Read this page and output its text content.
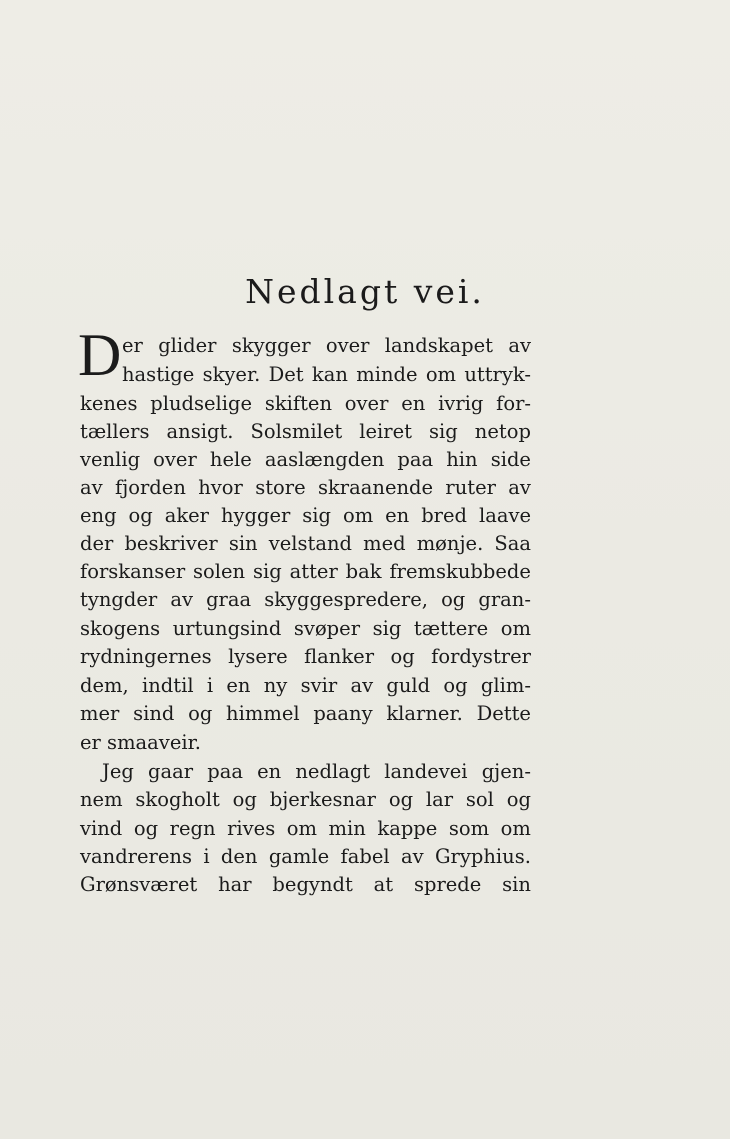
Nedlagt vei.
D er glider skygger over landskapet av
hastige skyer. Det kan minde om uttryk-
kenes pludselige skiften over en ivrig for-
tællers ansigt. Solsmilet leiret sig netop
venlig over hele aaslængden paa hin side
av fjorden hvor store skraanende ruter av
eng og aker hygger sig om en bred laave
der beskriver sin velstand med mønje. Saa
forskanser solen sig atter bak fremskubbede
tyngder av graa skyggespredere, og gran-
skogens urtungsind svøper sig tættere om
rydningernes lysere flanker og fordystrer
dem, indtil i en ny svir av guld og glim-
mer sind og himmel paany klarner. Dette
er smaaveir.
Jeg gaar paa en nedlagt landevei gjen-
nem skogholt og bjerkesnar og lar sol og
vind og regn rives om min kappe som om
vandrerens i den gamle fabel av Gryphius.
Grønsværet har begyndt at sprede sin
